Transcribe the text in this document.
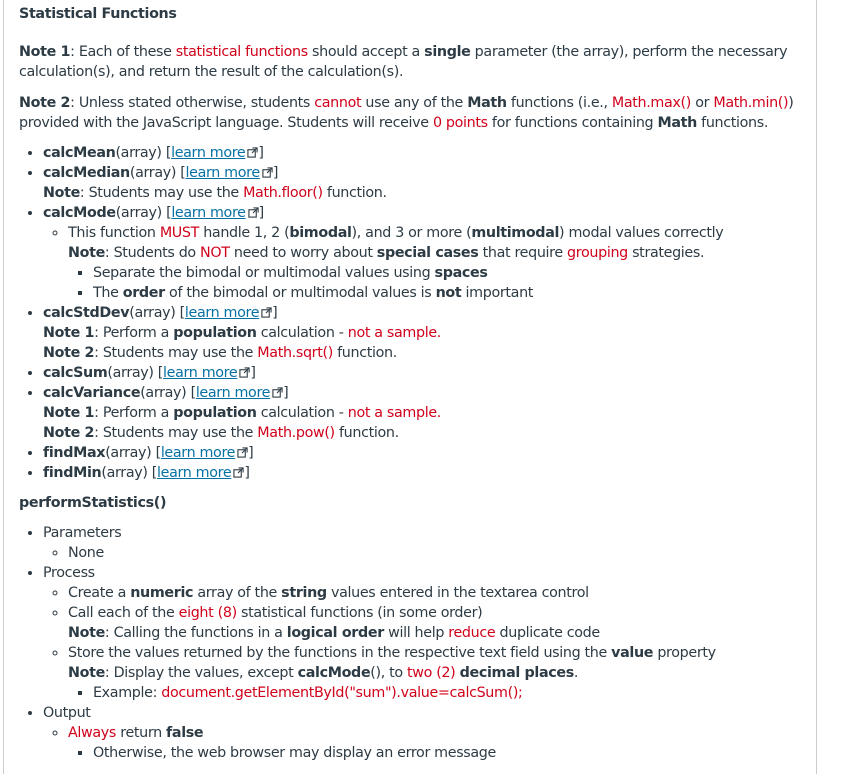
Statistical Functions

Note 1: Each of these statistical functions should accept a single parameter (the array), perform the necessary calculation(s), and return the result of the calculation(s).

Note 2: Unless stated otherwise, students cannot use any of the Math functions (i.e., Math.max() or Math.min()) provided with the JavaScript language. Students will receive 0 points for functions containing Math functions.

• calcMean(array) [learn more ]
• calcMedian(array) [learn more ]
Note: Students may use the Math.floor() function.
• calcMode(array) [learn more ]
◦ This function MUST handle 1, 2 (bimodal), and 3 or more (multimodal) modal values correctly
Note: Students do NOT need to worry about special cases that require grouping strategies.
▪ Separate the bimodal or multimodal values using spaces
▪ The order of the bimodal or multimodal values is not important
• calcStdDev(array) [learn more ]
Note 1: Perform a population calculation - not a sample.
Note 2: Students may use the Math.sqrt() function.
• calcSum(array) [learn more ]
• calcVariance(array) [learn more ]
Note 1: Perform a population calculation - not a sample.
Note 2: Students may use the Math.pow() function.
• findMax(array) [learn more ]
• findMin(array) [learn more ]

performStatistics()

• Parameters
◦ None
• Process
◦ Create a numeric array of the string values entered in the textarea control
◦ Call each of the eight (8) statistical functions (in some order)
Note: Calling the functions in a logical order will help reduce duplicate code
◦ Store the values returned by the functions in the respective text field using the value property
Note: Display the values, except calcMode(), to two (2) decimal places.
▪ Example: document.getElementById("sum").value=calcSum();
• Output
◦ Always return false
▪ Otherwise, the web browser may display an error message
